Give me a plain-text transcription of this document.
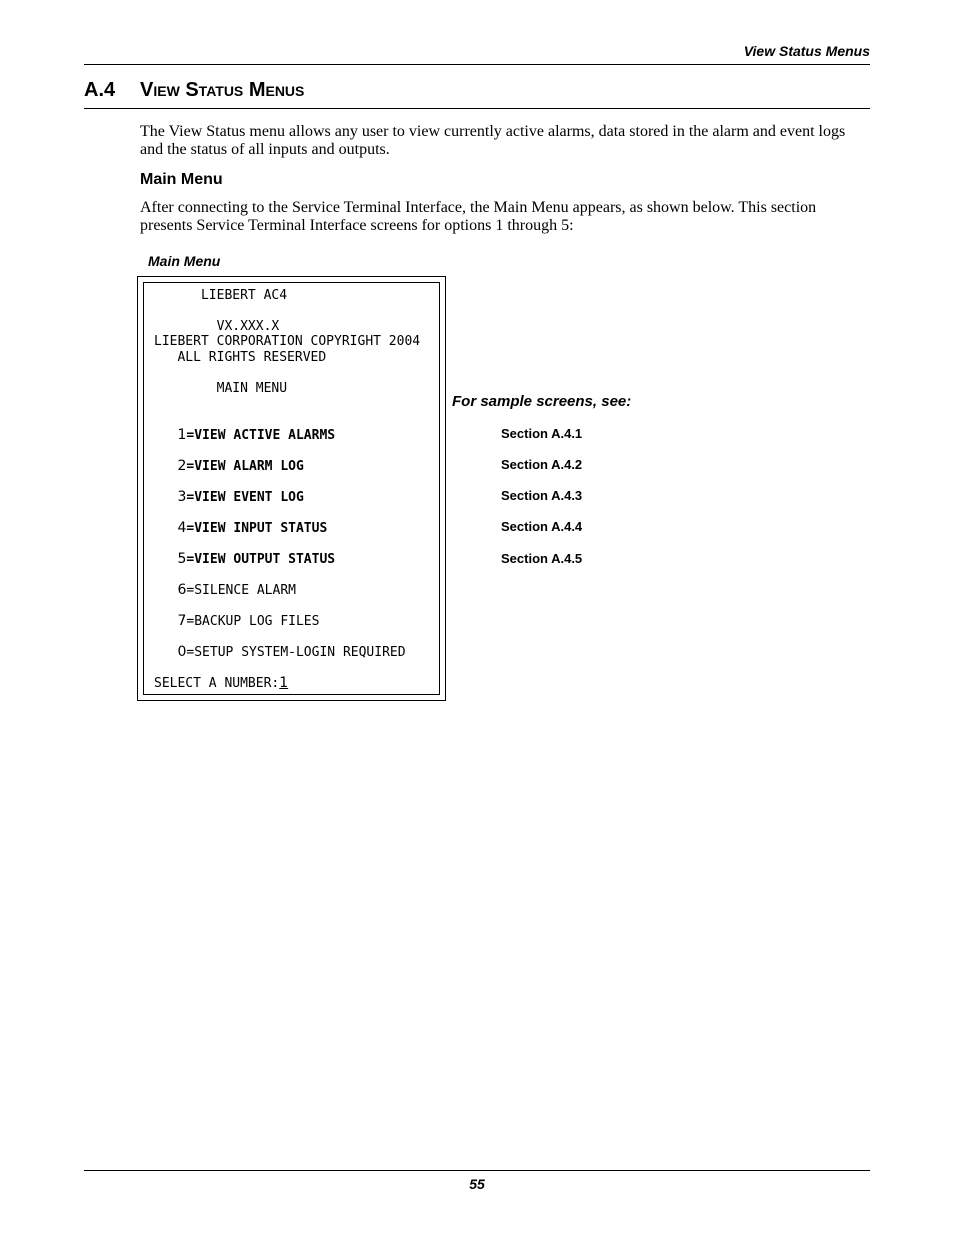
View Status Menus
A.4 View Status Menus

The View Status menu allows any user to view currently active alarms, data stored in the alarm and event logs and the status of all inputs and outputs.

Main Menu

After connecting to the Service Terminal Interface, the Main Menu appears, as shown below. This section presents Service Terminal Interface screens for options 1 through 5:

Main Menu
LIEBERT AC4
VX.XXX.X
LIEBERT CORPORATION COPYRIGHT 2004
ALL RIGHTS RESERVED
MAIN MENU
1=VIEW ACTIVE ALARMS
2=VIEW ALARM LOG
3=VIEW EVENT LOG
4=VIEW INPUT STATUS
5=VIEW OUTPUT STATUS
6=SILENCE ALARM
7=BACKUP LOG FILES
0=SETUP SYSTEM-LOGIN REQUIRED
SELECT A NUMBER:1
For sample screens, see:
Section A.4.1
Section A.4.2
Section A.4.3
Section A.4.4
Section A.4.5
55
